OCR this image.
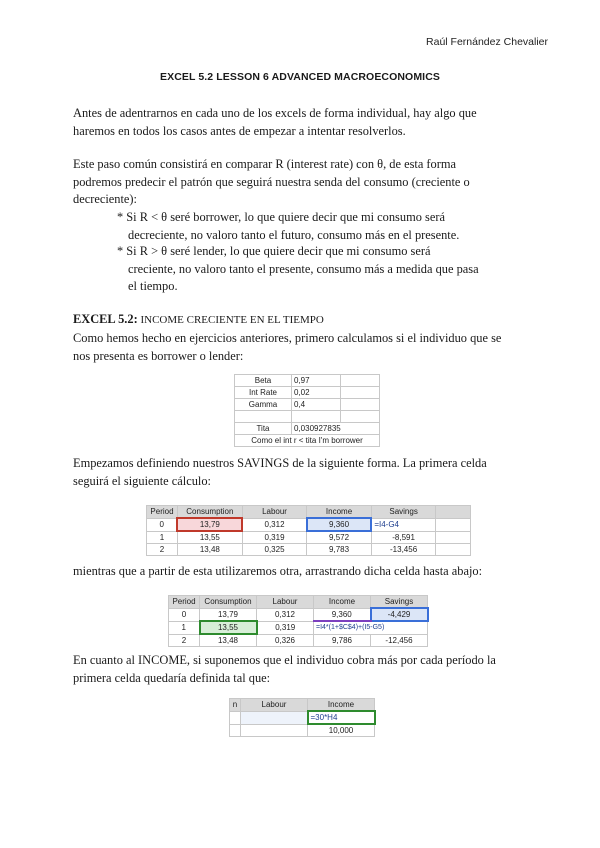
Raúl Fernández Chevalier
EXCEL 5.2 LESSON 6 ADVANCED MACROECONOMICS
Antes de adentrarnos en cada uno de los excels de forma individual, hay algo que
haremos en todos los casos antes de empezar a intentar resolverlos.
Este paso común consistirá en comparar R (interest rate) con θ, de esta forma
podremos predecir el patrón que seguirá nuestra senda del consumo (creciente o
decreciente):
* Si R < θ seré borrower, lo que quiere decir que mi consumo será
decreciente, no valoro tanto el futuro, consumo más en el presente.
* Si R > θ seré lender, lo que quiere decir que mi consumo será
creciente, no valoro tanto el presente, consumo más a medida que pasa
el tiempo.
EXCEL 5.2: INCOME CRECIENTE EN EL TIEMPO
Como hemos hecho en ejercicios anteriores, primero calculamos si el individuo que se
nos presenta es borrower o lender:
Beta	0,97	
Int Rate	0,02	
Gamma	0,4	

Tita	0,030927835	
Como el int r < tita I'm borrower		
Empezamos definiendo nuestros SAVINGS de la siguiente forma. La primera celda
seguirá el siguiente cálculo:
Period	Consumption	Labour	Income	Savings	
0	13,79	0,312	9,360	=I4-G4	
1	13,55	0,319	9,572	-8,591	
2	13,48	0,325	9,783	-13,456	
mientras que a partir de esta utilizaremos otra, arrastrando dicha celda hasta abajo:
Period	Consumption	Labour	Income	Savings
0	13,79	0,312	9,360	-4,429
1	13,55	0,319	=I4*(1+$C$4)+(I5-G5)	
2	13,48	0,326	9,786	-12,456
En cuanto al INCOME, si suponemos que el individuo cobra más por cada período la
primera celda quedaría definida tal que:
n	Labour	Income
		=30*H4
		10,000
